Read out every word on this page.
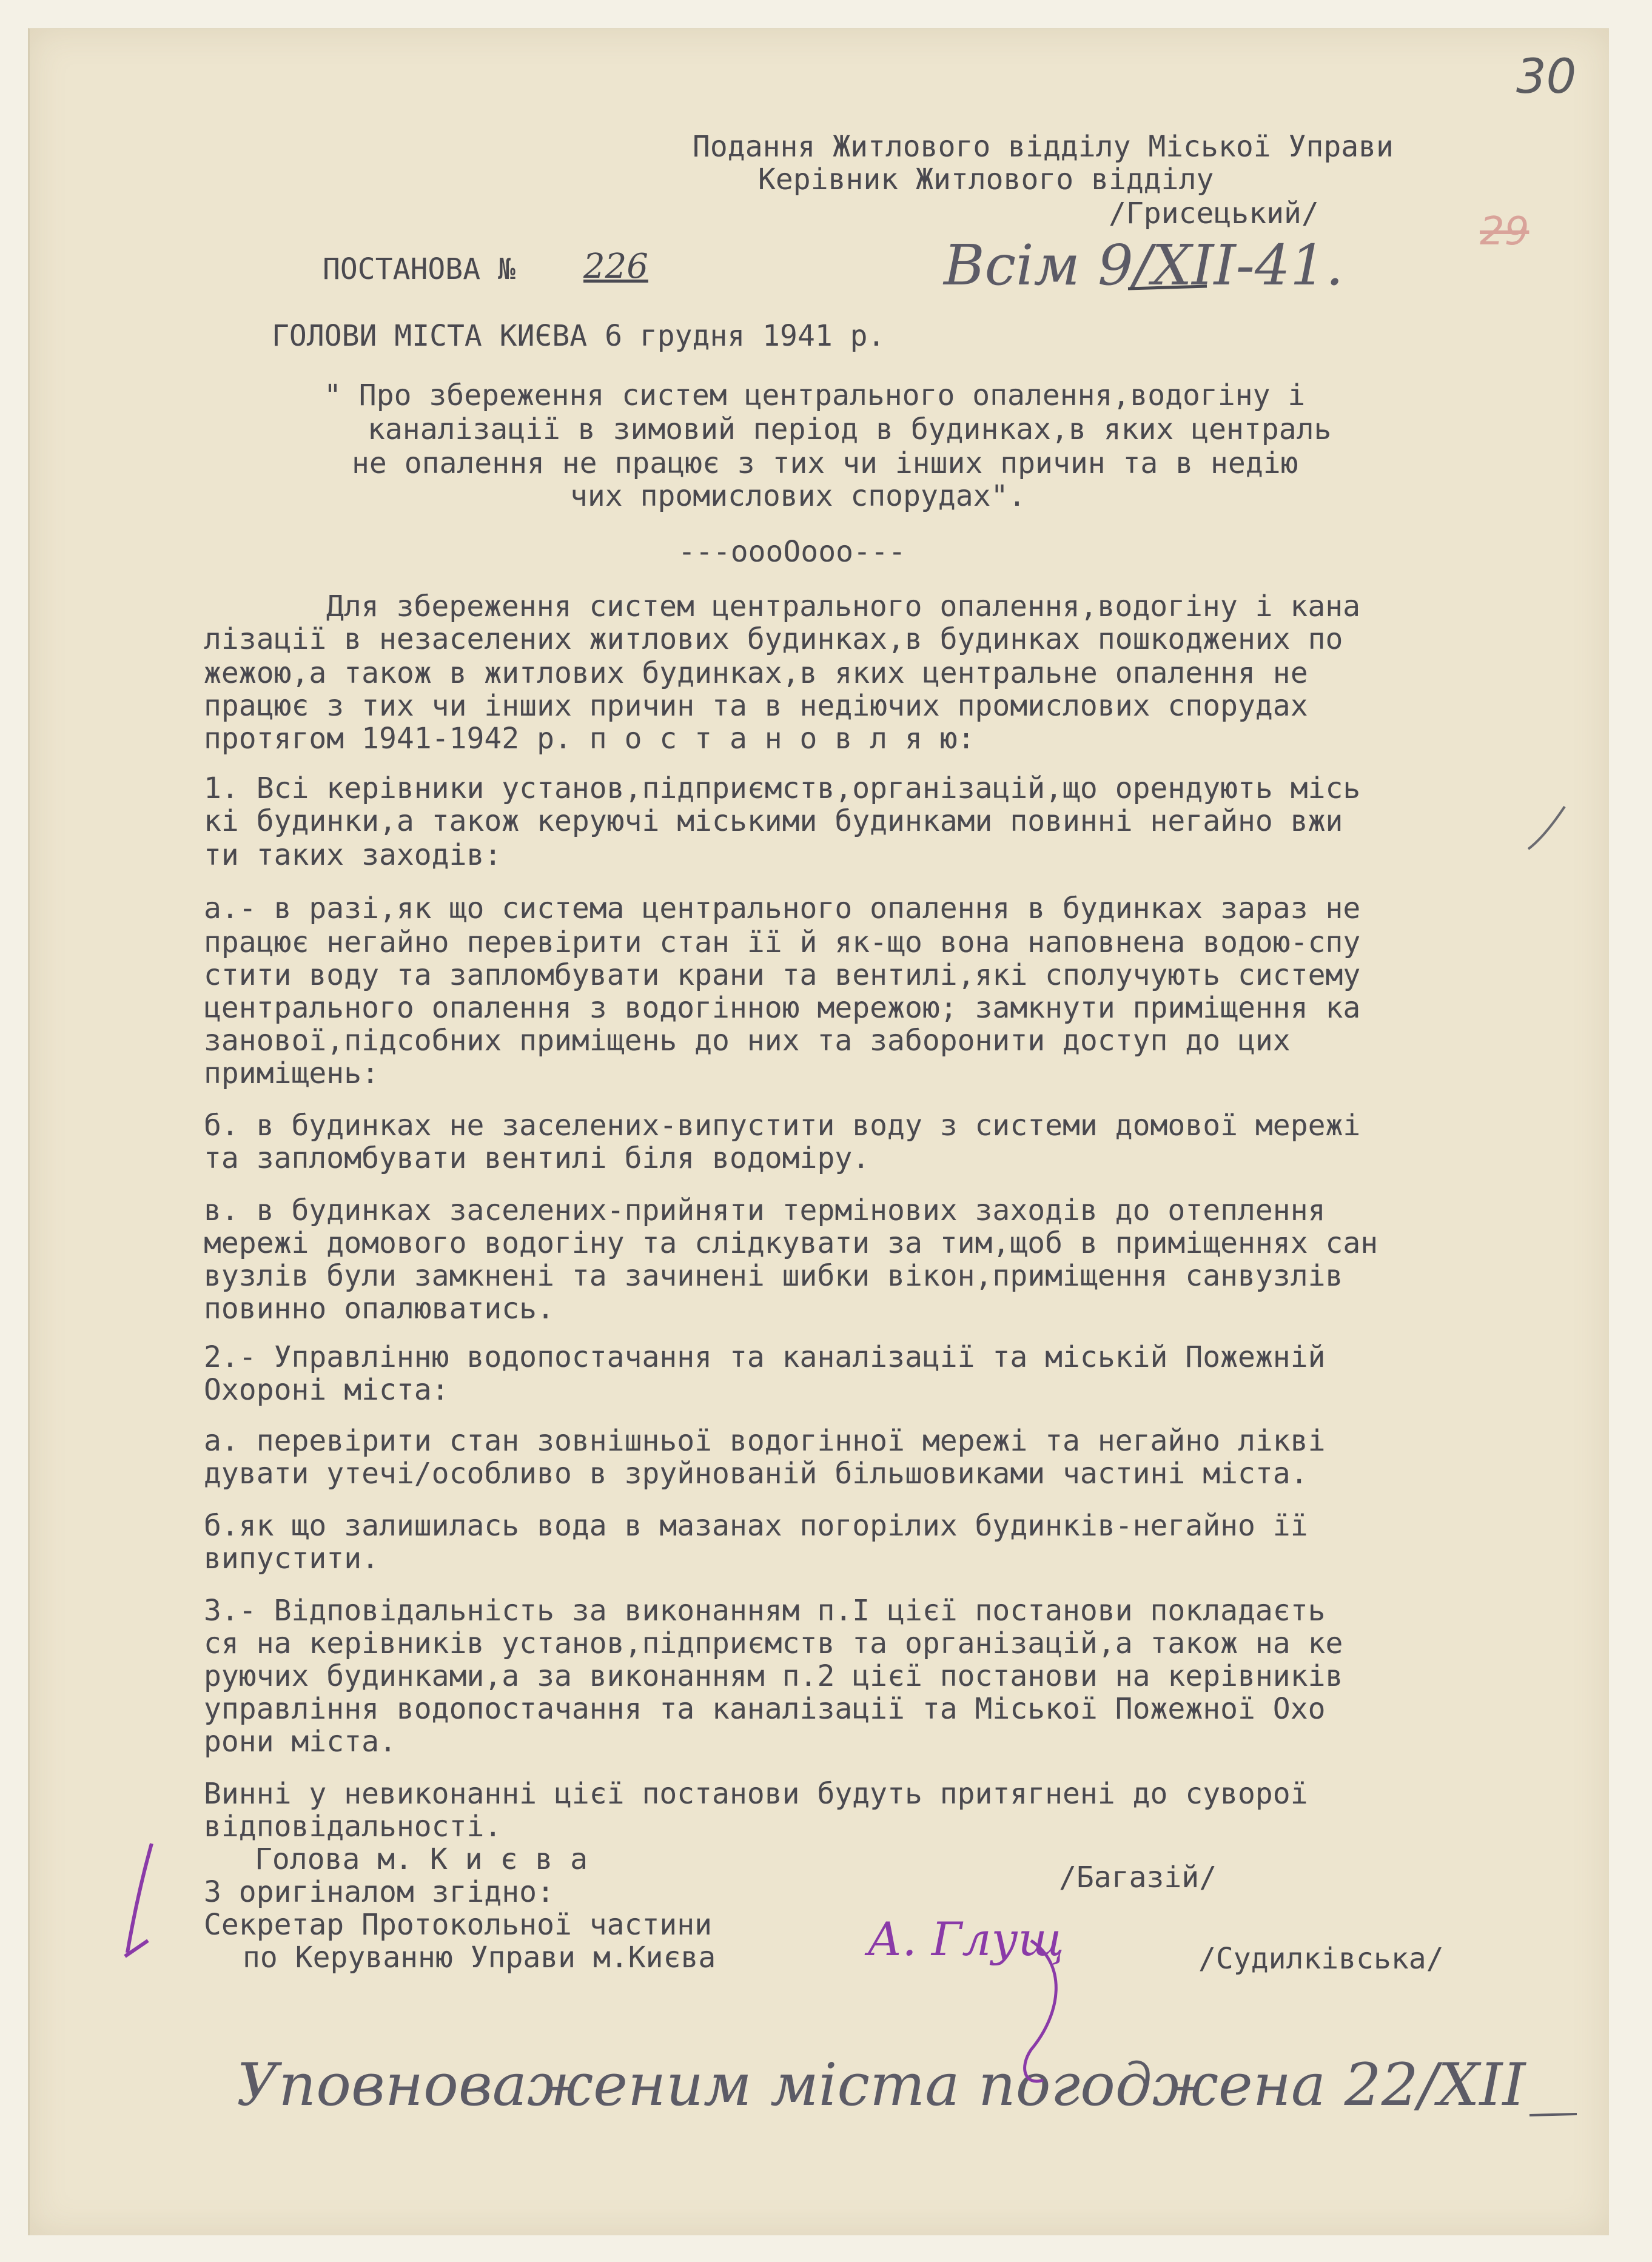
30
29
Подання Житлового відділу Міської Управи
Керівник Житлового відділу
/Грисецький/
ПОСТАНОВА № 226	Всім 9/XII-41.
ГОЛОВИ МІСТА КИЄВА 6 грудня 1941 р.
" Про збереження систем центрального опалення,водогіну і
каналізації в зимовий період в будинках,в яких централь
не опалення не працює з тих чи інших причин та в недію
чих промислових спорудах".
---oooOooo---
Для збереження систем центрального опалення,водогіну і кана
лізації в незаселених житлових будинках,в будинках пошкоджених по
жежою,а також в житлових будинках,в яких центральне опалення не
працює з тих чи інших причин та в недіючих промислових спорудах
протягом 1941-1942 р. п о с т а н о в л я ю:
1. Всі керівники установ,підприємств,організацій,що орендують місь
кі будинки,а також керуючі міськими будинками повинні негайно вжи
ти таких заходів:
а.- в разі,як що система центрального опалення в будинках зараз не
працює негайно перевірити стан її й як-що вона наповнена водою-спу
стити воду та запломбувати крани та вентилі,які сполучують систему
центрального опалення з водогінною мережою; замкнути приміщення ка
занової,підсобних приміщень до них та заборонити доступ до цих
приміщень:
б. в будинках не заселених-випустити воду з системи домової мережі
та запломбувати вентилі біля водоміру.
в. в будинках заселених-прийняти термінових заходів до отеплення
мережі домового водогіну та слідкувати за тим,щоб в приміщеннях сан
вузлів були замкнені та зачинені шибки вікон,приміщення санвузлів
повинно опалюватись.
2.- Управлінню водопостачання та каналізації та міській Пожежній
Охороні міста:
а. перевірити стан зовнішньої водогінної мережі та негайно ліквi
дувати утечі/особливо в зруйнованій більшовиками частині міста.
б.як що залишилась вода в мазанах погорілих будинків-негайно її
випустити.
3.- Відповідальність за виконанням п.І цієї постанови покладаєть
ся на керівників установ,підприємств та організацій,а також на ке
руючих будинками,а за виконанням п.2 цієї постанови на керівників
управління водопостачання та каналізації та Міської Пожежної Охо
рони міста.
Винні у невиконанні цієї постанови будуть притягнені до суворої
відповідальності.
Голова м. К и є в а
/Багазій/
З оригіналом згідно:
Секретар Протокольної частини
по Керуванню Управи м.Києва	/Судилківська/
А. Глущ
Уповноваженим міста погоджена 22/XII
